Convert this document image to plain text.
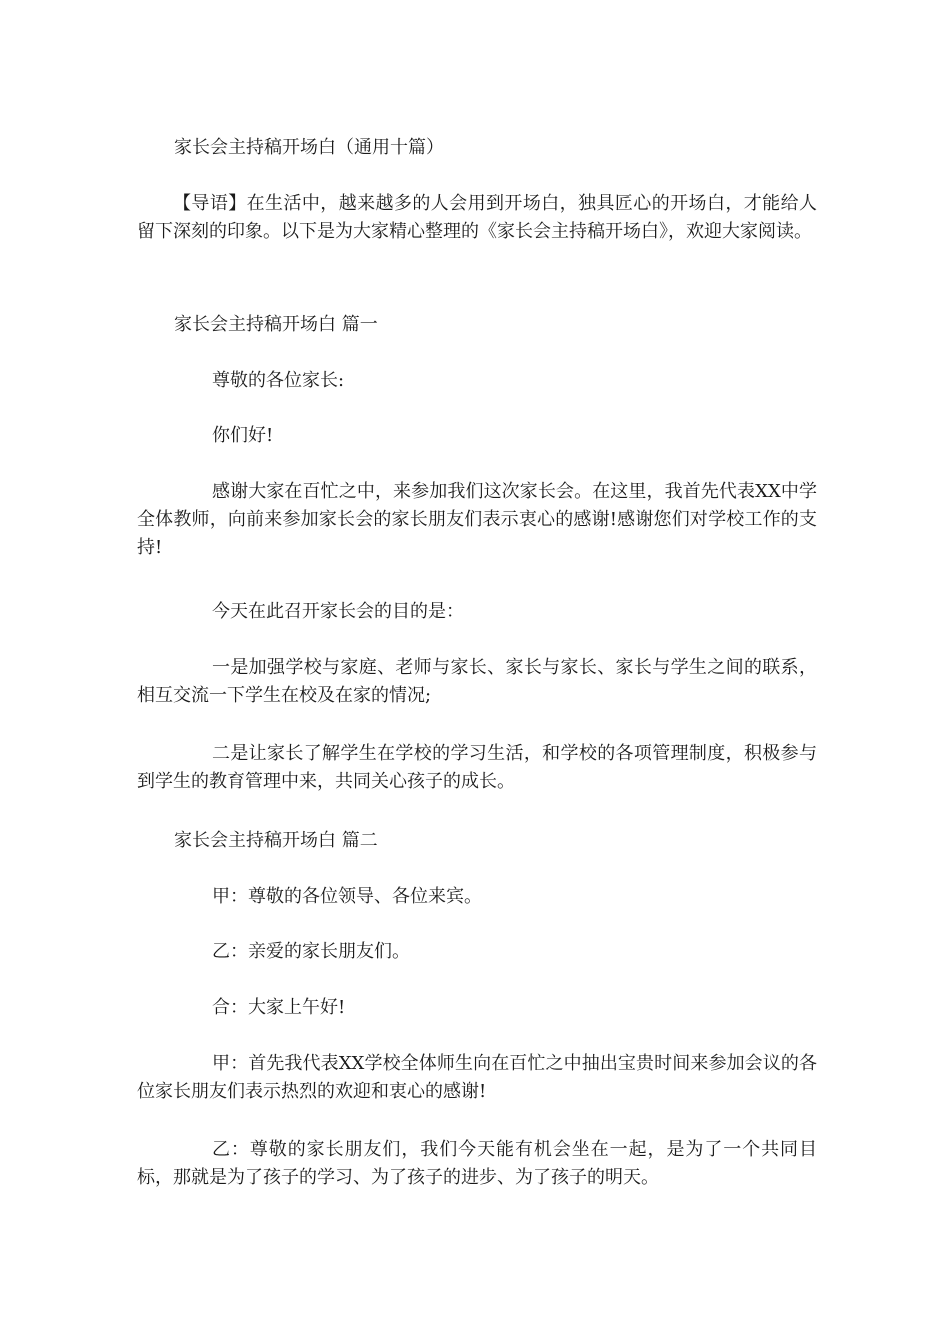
家长会主持稿开场白（通用十篇）

【导语】在生活中，越来越多的人会用到开场白，独具匠心的开场白，才能给人留下深刻的印象。以下是为大家精心整理的《家长会主持稿开场白》，欢迎大家阅读。

家长会主持稿开场白 篇一

尊敬的各位家长:

你们好!

感谢大家在百忙之中，来参加我们这次家长会。在这里，我首先代表XX中学全体教师，向前来参加家长会的家长朋友们表示衷心的感谢!感谢您们对学校工作的支持!

今天在此召开家长会的目的是：

一是加强学校与家庭、老师与家长、家长与家长、家长与学生之间的联系，相互交流一下学生在校及在家的情况;

二是让家长了解学生在学校的学习生活，和学校的各项管理制度，积极参与到学生的教育管理中来，共同关心孩子的成长。

家长会主持稿开场白 篇二

甲：尊敬的各位领导、各位来宾。

乙：亲爱的家长朋友们。

合：大家上午好!

甲：首先我代表XX学校全体师生向在百忙之中抽出宝贵时间来参加会议的各位家长朋友们表示热烈的欢迎和衷心的感谢!

乙：尊敬的家长朋友们，我们今天能有机会坐在一起，是为了一个共同目标，那就是为了孩子的学习、为了孩子的进步、为了孩子的明天。
